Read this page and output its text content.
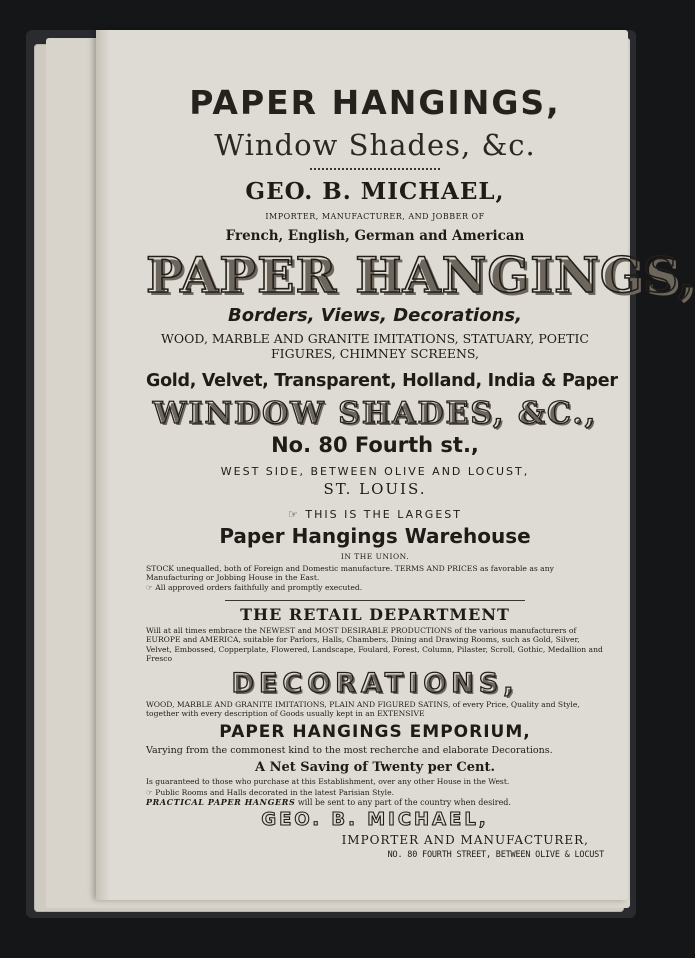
PAPER HANGINGS,
Window Shades, &c.
GEO. B. MICHAEL,
IMPORTER, MANUFACTURER, AND JOBBER OF
French, English, German and American
PAPER HANGINGS,
Borders, Views, Decorations,
WOOD, MARBLE AND GRANITE IMITATIONS, STATUARY, POETIC FIGURES, CHIMNEY SCREENS,
Gold, Velvet, Transparent, Holland, India & Paper
WINDOW SHADES, &C.,
No. 80 Fourth st.,
WEST SIDE, BETWEEN OLIVE AND LOCUST,
ST. LOUIS.
☞ THIS IS THE LARGEST
Paper Hangings Warehouse
IN THE UNION.
STOCK unequalled, both of Foreign and Domestic manufacture. TERMS AND PRICES as favorable as any Manufacturing or Jobbing House in the East.
☞ All approved orders faithfully and promptly executed.
THE RETAIL DEPARTMENT
Will at all times embrace the NEWEST and MOST DESIRABLE PRODUCTIONS of the various manufacturers of EUROPE and AMERICA, suitable for Parlors, Halls, Chambers, Dining and Drawing Rooms, such as Gold, Silver, Velvet, Embossed, Copperplate, Flowered, Landscape, Foulard, Forest, Column, Pilaster, Scroll, Gothic, Medallion and Fresco
DECORATIONS,
WOOD, MARBLE AND GRANITE IMITATIONS, PLAIN AND FIGURED SATINS, of every Price, Quality and Style, together with every description of Goods usually kept in an EXTENSIVE
PAPER HANGINGS EMPORIUM,
Varying from the commonest kind to the most recherche and elaborate Decorations.
A Net Saving of Twenty per Cent.
Is guaranteed to those who purchase at this Establishment, over any other House in the West.
☞ Public Rooms and Halls decorated in the latest Parisian Style.
PRACTICAL PAPER HANGERS will be sent to any part of the country when desired.
GEO. B. MICHAEL,
IMPORTER AND MANUFACTURER,
NO. 80 FOURTH STREET, BETWEEN OLIVE & LOCUST
